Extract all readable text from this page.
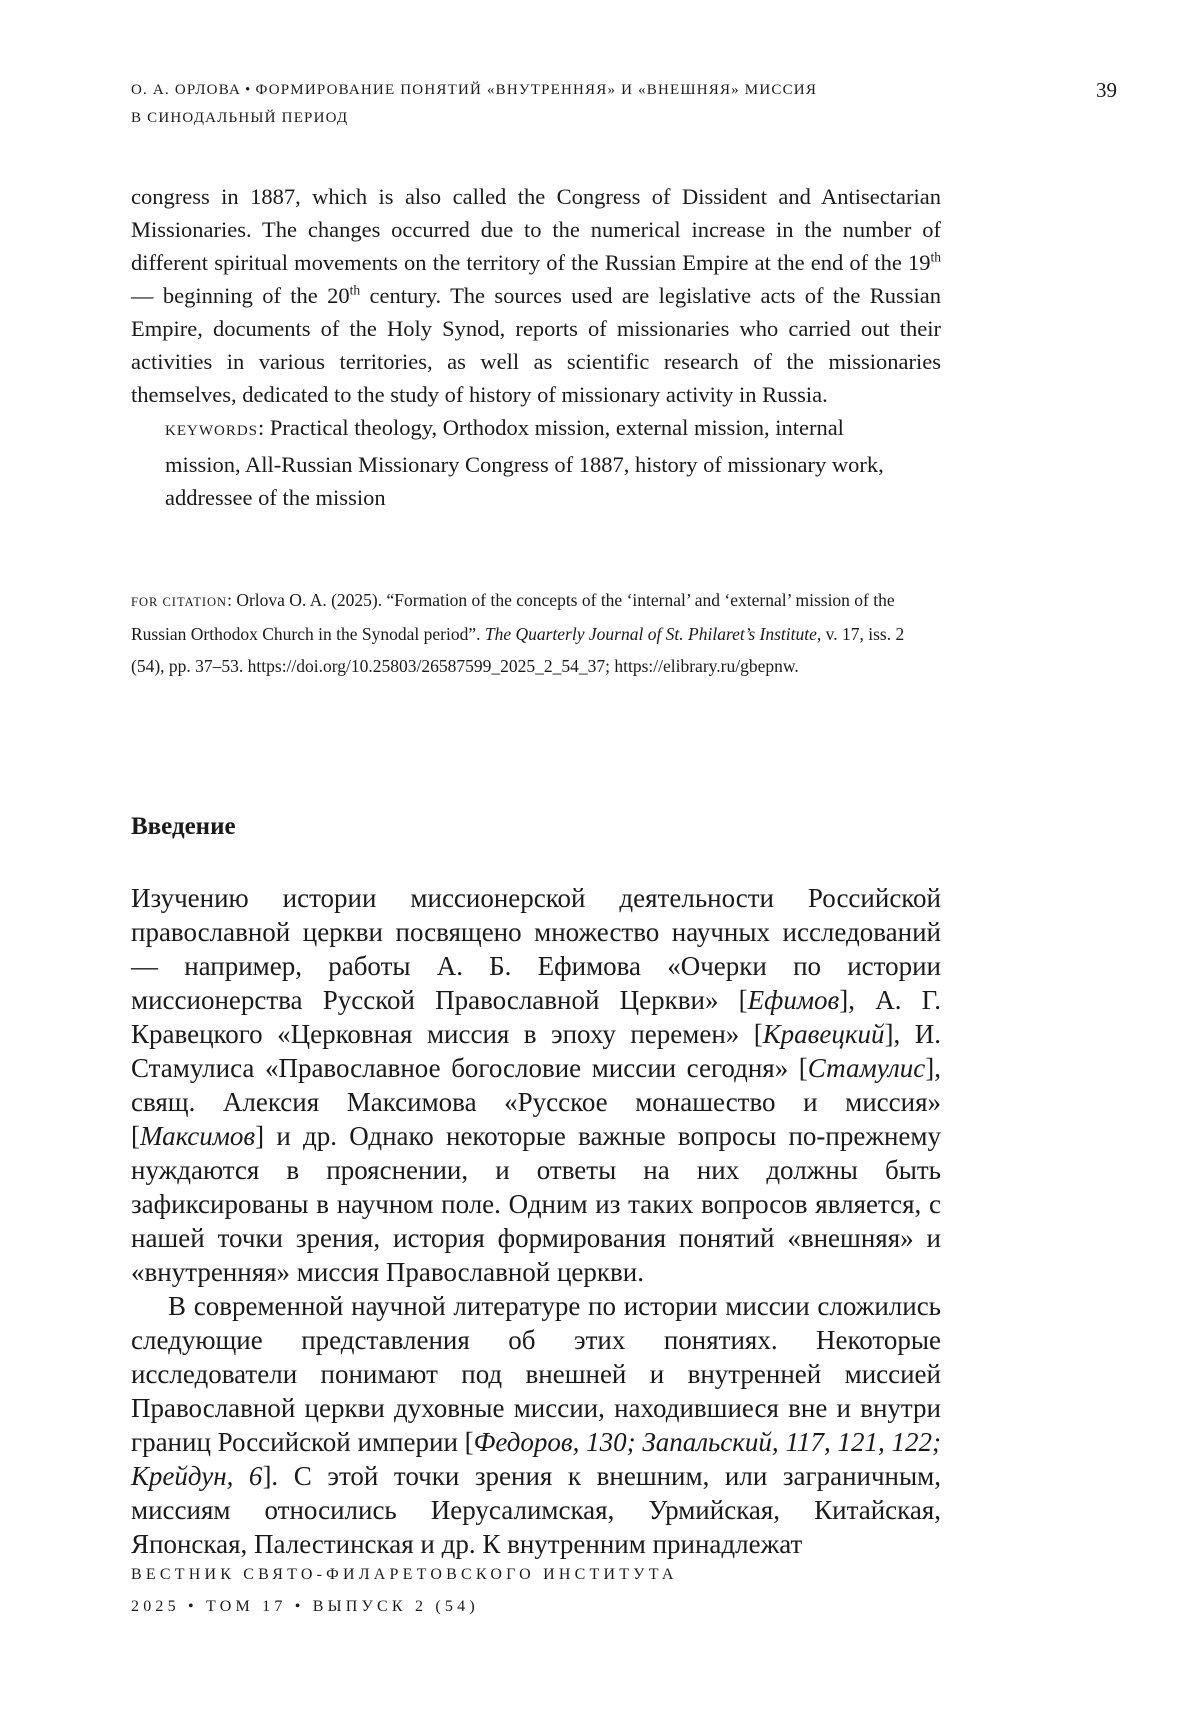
О. А. ОРЛОВА • ФОРМИРОВАНИЕ ПОНЯТИЙ «ВНУТРЕННЯЯ» И «ВНЕШНЯЯ» МИССИЯ
В СИНОДАЛЬНЫЙ ПЕРИОД
39

congress in 1887, which is also called the Congress of Dissident and Antisectarian Missionaries. The changes occurred due to the numerical increase in the number of different spiritual movements on the territory of the Russian Empire at the end of the 19th — beginning of the 20th century. The sources used are legislative acts of the Russian Empire, documents of the Holy Synod, reports of missionaries who carried out their activities in various territories, as well as scientific research of the missionaries themselves, dedicated to the study of history of missionary activity in Russia.

KEYWORDS: Practical theology, Orthodox mission, external mission, internal mission, All-Russian Missionary Congress of 1887, history of missionary work, addressee of the mission

FOR CITATION: Orlova O. A. (2025). “Formation of the concepts of the ‘internal’ and ‘external’ mission of the Russian Orthodox Church in the Synodal period”. The Quarterly Journal of St. Philaret’s Institute, v. 17, iss. 2 (54), pp. 37–53. https://doi.org/10.25803/26587599_2025_2_54_37; https://elibrary.ru/gbepnw.

Введение

Изучению истории миссионерской деятельности Российской православной церкви посвящено множество научных исследований — например, работы А. Б. Ефимова «Очерки по истории миссионерства Русской Православной Церкви» [Ефимов], А. Г. Кравецкого «Церковная миссия в эпоху перемен» [Кравецкий], И. Стамулиса «Православное богословие миссии сегодня» [Стамулис], свящ. Алексия Максимова «Русское монашество и миссия» [Максимов] и др. Однако некоторые важные вопросы по-прежнему нуждаются в прояснении, и ответы на них должны быть зафиксированы в научном поле. Одним из таких вопросов является, с нашей точки зрения, история формирования понятий «внешняя» и «внутренняя» миссия Православной церкви.

В современной научной литературе по истории миссии сложились следующие представления об этих понятиях. Некоторые исследователи понимают под внешней и внутренней миссией Православной церкви духовные миссии, находившиеся вне и внутри границ Российской империи [Федоров, 130; Запальский, 117, 121, 122; Крейдун, 6]. С этой точки зрения к внешним, или заграничным, миссиям относились Иерусалимская, Урмийская, Китайская, Японская, Палестинская и др. К внутренним принадлежат

ВЕСТНИК СВЯТО-ФИЛАРЕТОВСКОГО ИНСТИТУТА
2025 • ТОМ 17 • ВЫПУСК 2 (54)
